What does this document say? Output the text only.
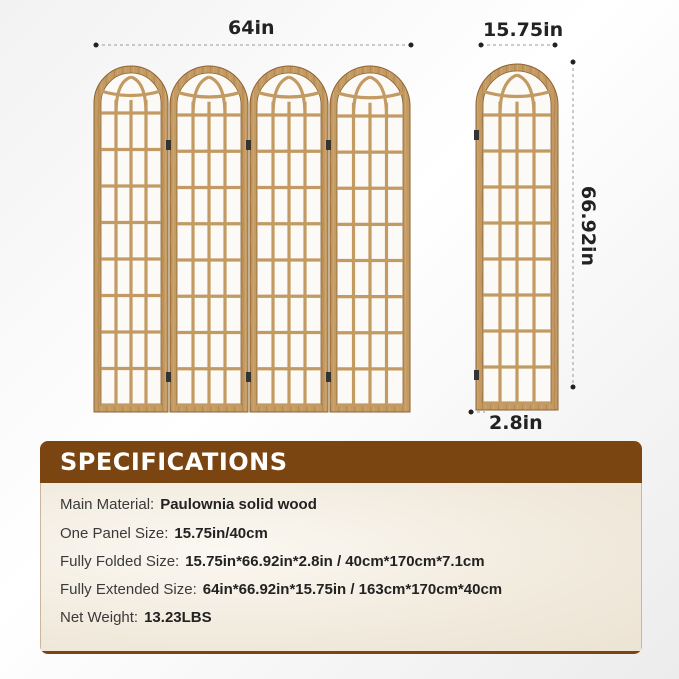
64in	15.75in
66.92in
2.8in
SPECIFICATIONS
Main Material: Paulownia solid wood
One Panel Size: 15.75in/40cm
Fully Folded Size: 15.75in*66.92in*2.8in / 40cm*170cm*7.1cm
Fully Extended Size: 64in*66.92in*15.75in / 163cm*170cm*40cm
Net Weight: 13.23LBS
